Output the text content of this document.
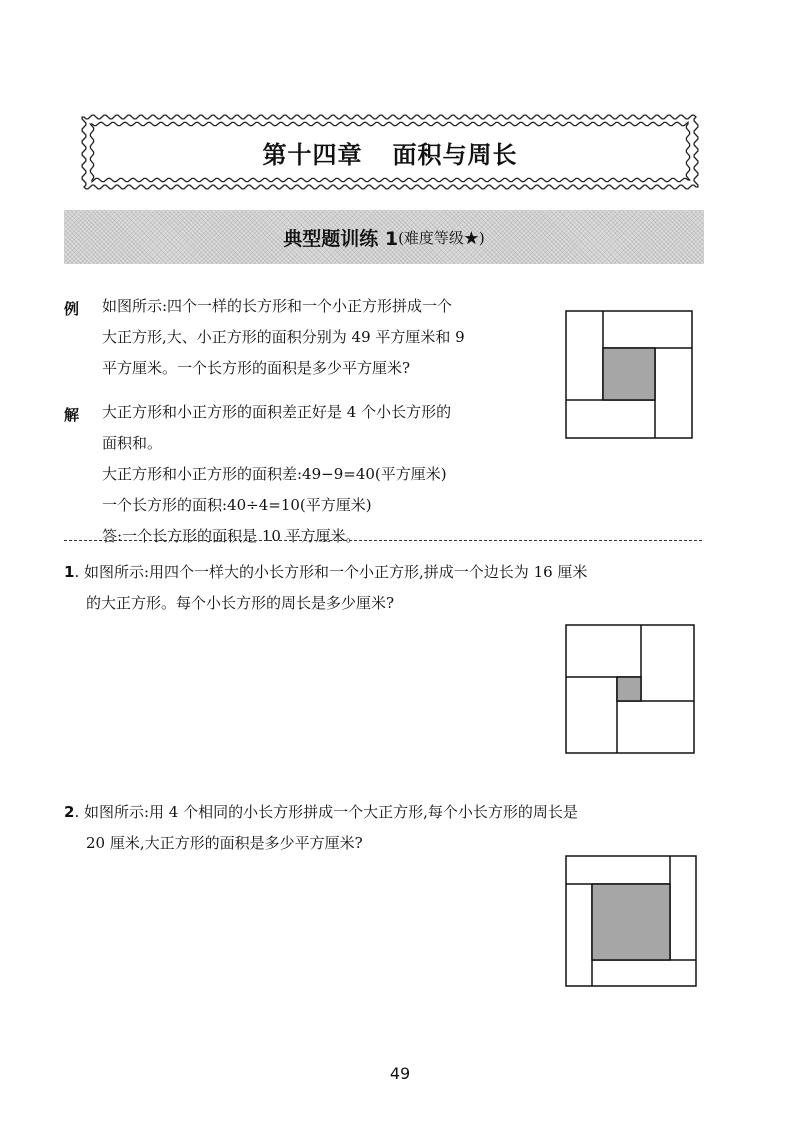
第十四章 面积与周长
典型题训练 1 (难度等级★)
例 如图所示:四个一样的长方形和一个小正方形拼成一个
大正方形,大、小正方形的面积分别为 49 平方厘米和 9
平方厘米。一个长方形的面积是多少平方厘米?
解 大正方形和小正方形的面积差正好是 4 个小长方形的
面积和。
大正方形和小正方形的面积差:49−9=40(平方厘米)
一个长方形的面积:40÷4=10(平方厘米)
答:一个长方形的面积是 10 平方厘米。
1. 如图所示:用四个一样大的小长方形和一个小正方形,拼成一个边长为 16 厘米
的大正方形。每个小长方形的周长是多少厘米?
2. 如图所示:用 4 个相同的小长方形拼成一个大正方形,每个小长方形的周长是
20 厘米,大正方形的面积是多少平方厘米?
49
